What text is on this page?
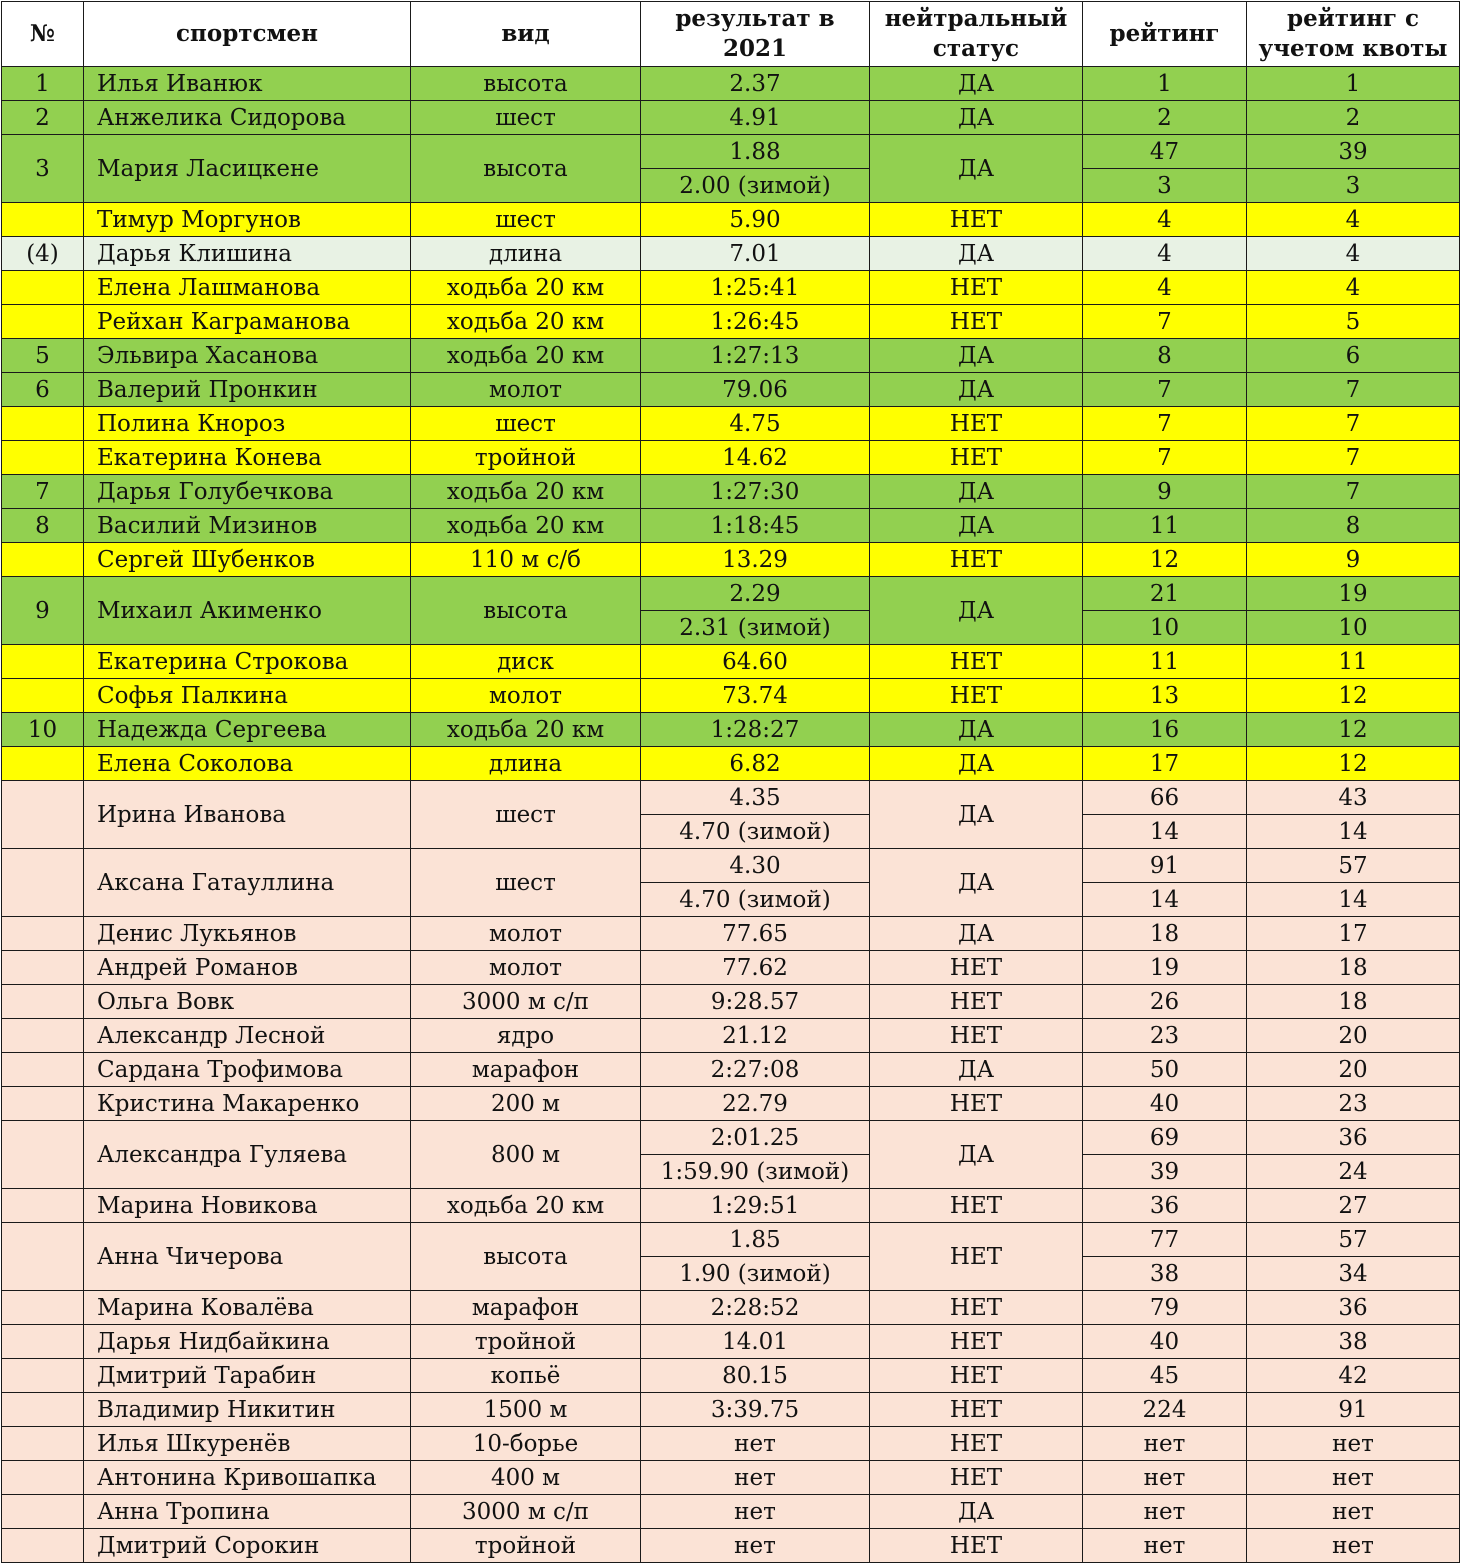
№	спортсмен	вид	результат в 2021	нейтральный статус	рейтинг	рейтинг с учетом квоты
1	Илья Иванюк	высота	2.37	ДА	1	1
2	Анжелика Сидорова	шест	4.91	ДА	2	2
3	Мария Ласицкене	высота	1.88	ДА	47	39
			2.00 (зимой)		3	3
	Тимур Моргунов	шест	5.90	НЕТ	4	4
(4)	Дарья Клишина	длина	7.01	ДА	4	4
	Елена Лашманова	ходьба 20 км	1:25:41	НЕТ	4	4
	Рейхан Каграманова	ходьба 20 км	1:26:45	НЕТ	7	5
5	Эльвира Хасанова	ходьба 20 км	1:27:13	ДА	8	6
6	Валерий Пронкин	молот	79.06	ДА	7	7
	Полина Кнороз	шест	4.75	НЕТ	7	7
	Екатерина Конева	тройной	14.62	НЕТ	7	7
7	Дарья Голубечкова	ходьба 20 км	1:27:30	ДА	9	7
8	Василий Мизинов	ходьба 20 км	1:18:45	ДА	11	8
	Сергей Шубенков	110 м с/б	13.29	НЕТ	12	9
9	Михаил Акименко	высота	2.29	ДА	21	19
			2.31 (зимой)		10	10
	Екатерина Строкова	диск	64.60	НЕТ	11	11
	Софья Палкина	молот	73.74	НЕТ	13	12
10	Надежда Сергеева	ходьба 20 км	1:28:27	ДА	16	12
	Елена Соколова	длина	6.82	ДА	17	12
	Ирина Иванова	шест	4.35	ДА	66	43
			4.70 (зимой)		14	14
	Аксана Гатауллина	шест	4.30	ДА	91	57
			4.70 (зимой)		14	14
	Денис Лукьянов	молот	77.65	ДА	18	17
	Андрей Романов	молот	77.62	НЕТ	19	18
	Ольга Вовк	3000 м с/п	9:28.57	НЕТ	26	18
	Александр Лесной	ядро	21.12	НЕТ	23	20
	Сардана Трофимова	марафон	2:27:08	ДА	50	20
	Кристина Макаренко	200 м	22.79	НЕТ	40	23
	Александра Гуляева	800 м	2:01.25	ДА	69	36
			1:59.90 (зимой)		39	24
	Марина Новикова	ходьба 20 км	1:29:51	НЕТ	36	27
	Анна Чичерова	высота	1.85	НЕТ	77	57
			1.90 (зимой)		38	34
	Марина Ковалёва	марафон	2:28:52	НЕТ	79	36
	Дарья Нидбайкина	тройной	14.01	НЕТ	40	38
	Дмитрий Тарабин	копьё	80.15	НЕТ	45	42
	Владимир Никитин	1500 м	3:39.75	НЕТ	224	91
	Илья Шкуренёв	10-борье	нет	НЕТ	нет	нет
	Антонина Кривошапка	400 м	нет	НЕТ	нет	нет
	Анна Тропина	3000 м с/п	нет	ДА	нет	нет
	Дмитрий Сорокин	тройной	нет	НЕТ	нет	нет
